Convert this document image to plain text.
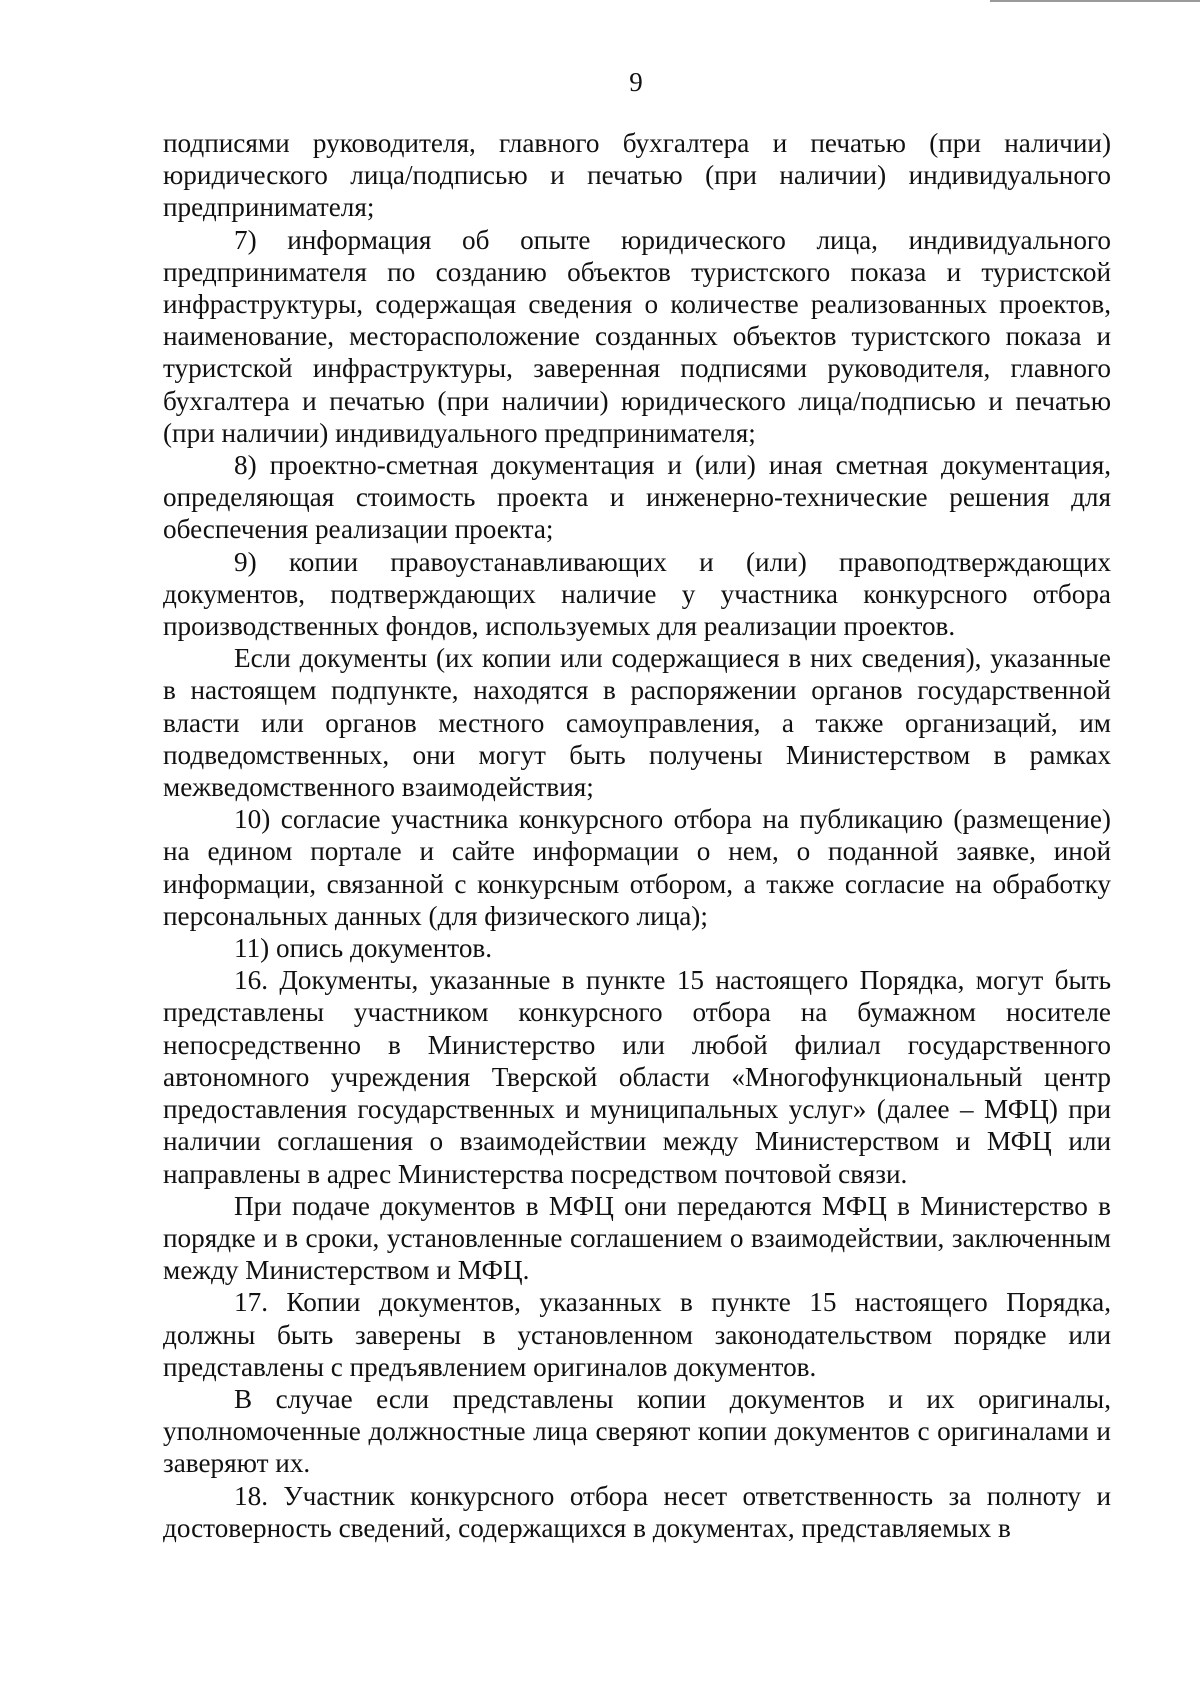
9

подписями руководителя, главного бухгалтера и печатью (при наличии) юридического лица/подписью и печатью (при наличии) индивидуального предпринимателя;

7) информация об опыте юридического лица, индивидуального предпринимателя по созданию объектов туристского показа и туристской инфраструктуры, содержащая сведения о количестве реализованных проектов, наименование, месторасположение созданных объектов туристского показа и туристской инфраструктуры, заверенная подписями руководителя, главного бухгалтера и печатью (при наличии) юридического лица/подписью и печатью (при наличии) индивидуального предпринимателя;

8) проектно-сметная документация и (или) иная сметная документация, определяющая стоимость проекта и инженерно-технические решения для обеспечения реализации проекта;

9) копии правоустанавливающих и (или) правоподтверждающих документов, подтверждающих наличие у участника конкурсного отбора производственных фондов, используемых для реализации проектов.

Если документы (их копии или содержащиеся в них сведения), указанные в настоящем подпункте, находятся в распоряжении органов государственной власти или органов местного самоуправления, а также организаций, им подведомственных, они могут быть получены Министерством в рамках межведомственного взаимодействия;

10) согласие участника конкурсного отбора на публикацию (размещение) на едином портале и сайте информации о нем, о поданной заявке, иной информации, связанной с конкурсным отбором, а также согласие на обработку персональных данных (для физического лица);

11) опись документов.

16. Документы, указанные в пункте 15 настоящего Порядка, могут быть представлены участником конкурсного отбора на бумажном носителе непосредственно в Министерство или любой филиал государственного автономного учреждения Тверской области «Многофункциональный центр предоставления государственных и муниципальных услуг» (далее – МФЦ) при наличии соглашения о взаимодействии между Министерством и МФЦ или направлены в адрес Министерства посредством почтовой связи.

При подаче документов в МФЦ они передаются МФЦ в Министерство в порядке и в сроки, установленные соглашением о взаимодействии, заключенным между Министерством и МФЦ.

17. Копии документов, указанных в пункте 15 настоящего Порядка, должны быть заверены в установленном законодательством порядке или представлены с предъявлением оригиналов документов.

В случае если представлены копии документов и их оригиналы, уполномоченные должностные лица сверяют копии документов с оригиналами и заверяют их.

18. Участник конкурсного отбора несет ответственность за полноту и достоверность сведений, содержащихся в документах, представляемых в
